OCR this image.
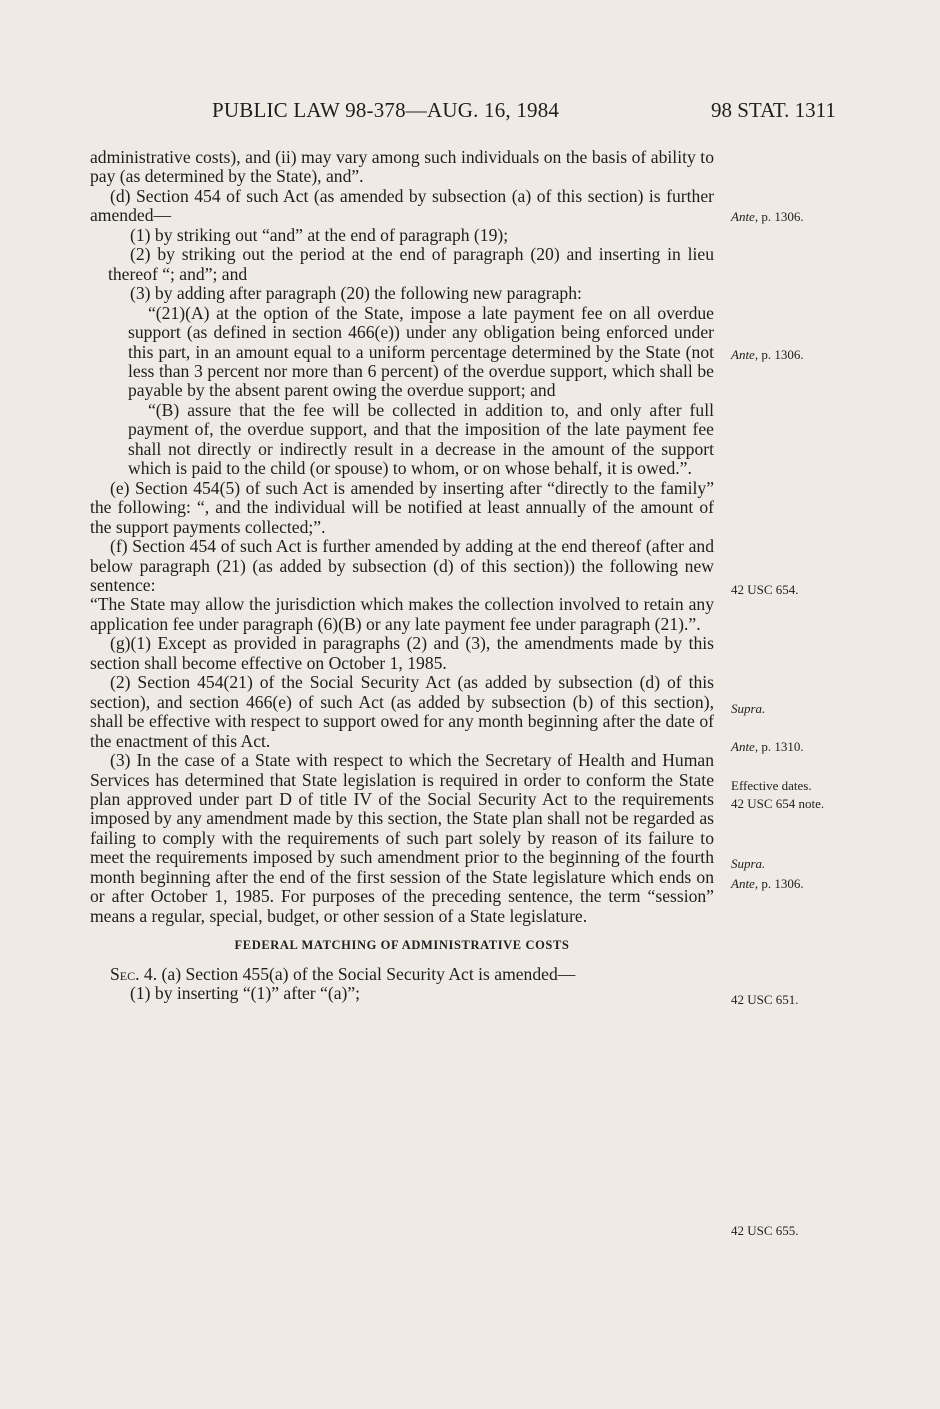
PUBLIC LAW 98-378—AUG. 16, 1984	98 STAT. 1311

administrative costs), and (ii) may vary among such individuals on the basis of ability to pay (as determined by the State), and”.

(d) Section 454 of such Act (as amended by subsection (a) of this section) is further amended—

(1) by striking out “and” at the end of paragraph (19);

(2) by striking out the period at the end of paragraph (20) and inserting in lieu thereof “; and”; and

(3) by adding after paragraph (20) the following new paragraph:

“(21)(A) at the option of the State, impose a late payment fee on all overdue support (as defined in section 466(e)) under any obligation being enforced under this part, in an amount equal to a uniform percentage determined by the State (not less than 3 percent nor more than 6 percent) of the overdue support, which shall be payable by the absent parent owing the overdue support; and

“(B) assure that the fee will be collected in addition to, and only after full payment of, the overdue support, and that the imposition of the late payment fee shall not directly or indirectly result in a decrease in the amount of the support which is paid to the child (or spouse) to whom, or on whose behalf, it is owed.”.

(e) Section 454(5) of such Act is amended by inserting after “directly to the family” the following: “, and the individual will be notified at least annually of the amount of the support payments collected;”.

(f) Section 454 of such Act is further amended by adding at the end thereof (after and below paragraph (21) (as added by subsection (d) of this section)) the following new sentence:

“The State may allow the jurisdiction which makes the collection involved to retain any application fee under paragraph (6)(B) or any late payment fee under paragraph (21).”.

(g)(1) Except as provided in paragraphs (2) and (3), the amendments made by this section shall become effective on October 1, 1985.

(2) Section 454(21) of the Social Security Act (as added by subsection (d) of this section), and section 466(e) of such Act (as added by subsection (b) of this section), shall be effective with respect to support owed for any month beginning after the date of the enactment of this Act.

(3) In the case of a State with respect to which the Secretary of Health and Human Services has determined that State legislation is required in order to conform the State plan approved under part D of title IV of the Social Security Act to the requirements imposed by any amendment made by this section, the State plan shall not be regarded as failing to comply with the requirements of such part solely by reason of its failure to meet the requirements imposed by such amendment prior to the beginning of the fourth month beginning after the end of the first session of the State legislature which ends on or after October 1, 1985. For purposes of the preceding sentence, the term “session” means a regular, special, budget, or other session of a State legislature.

FEDERAL MATCHING OF ADMINISTRATIVE COSTS

Sec. 4. (a) Section 455(a) of the Social Security Act is amended—

(1) by inserting “(1)” after “(a)”;

Ante, p. 1306.
Ante, p. 1306.
42 USC 654.
Supra.
Ante, p. 1310.
Effective dates.
42 USC 654 note.
Supra.
Ante, p. 1306.
42 USC 651.
42 USC 655.
